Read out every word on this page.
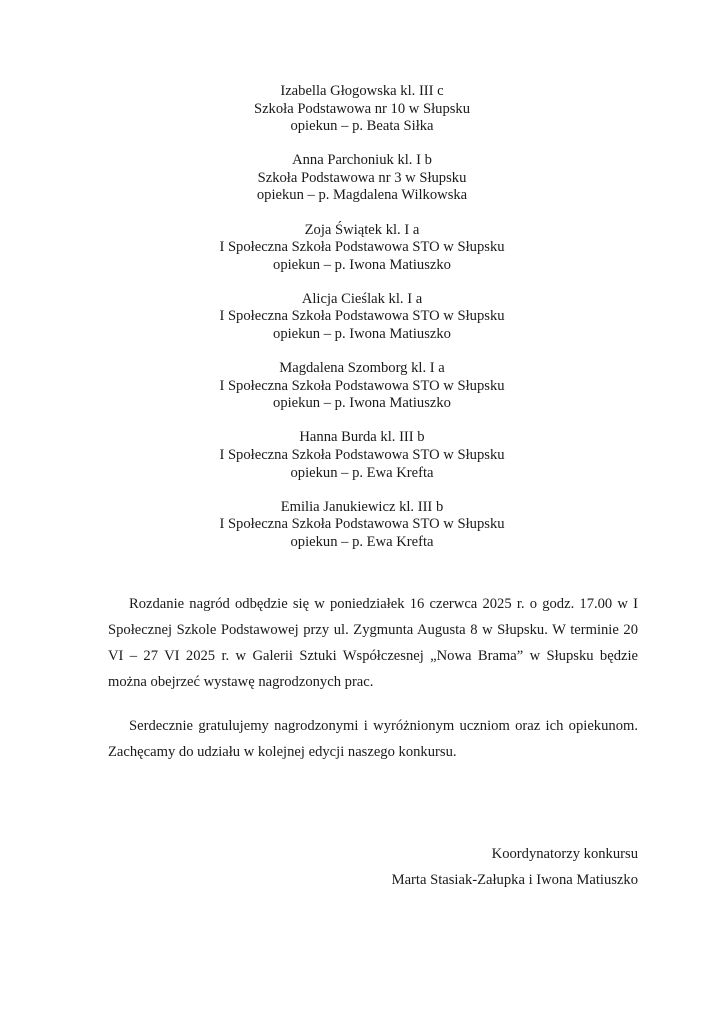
Izabella Głogowska kl. III c
Szkoła Podstawowa nr 10 w Słupsku
opiekun – p. Beata Siłka
Anna Parchoniuk kl. I b
Szkoła Podstawowa nr 3 w Słupsku
opiekun – p. Magdalena Wilkowska
Zoja Świątek kl. I a
I Społeczna Szkoła Podstawowa STO w Słupsku
opiekun – p. Iwona Matiuszko
Alicja Cieślak kl. I a
I Społeczna Szkoła Podstawowa STO w Słupsku
opiekun – p. Iwona Matiuszko
Magdalena Szomborg kl. I a
I Społeczna Szkoła Podstawowa STO w Słupsku
opiekun – p. Iwona Matiuszko
Hanna Burda kl. III b
I Społeczna Szkoła Podstawowa STO w Słupsku
opiekun – p. Ewa Krefta
Emilia Janukiewicz kl. III b
I Społeczna Szkoła Podstawowa STO w Słupsku
opiekun – p. Ewa Krefta
Rozdanie nagród odbędzie się w poniedziałek 16 czerwca 2025 r. o godz. 17.00 w I Społecznej Szkole Podstawowej przy ul. Zygmunta Augusta 8 w Słupsku. W terminie 20 VI – 27 VI 2025 r. w Galerii Sztuki Współczesnej „Nowa Brama” w Słupsku będzie można obejrzeć wystawę nagrodzonych prac.
Serdecznie gratulujemy nagrodzonymi i wyróżnionym uczniom oraz ich opiekunom. Zachęcamy do udziału w kolejnej edycji naszego konkursu.
Koordynatorzy konkursu
Marta Stasiak-Załupka i Iwona Matiuszko
